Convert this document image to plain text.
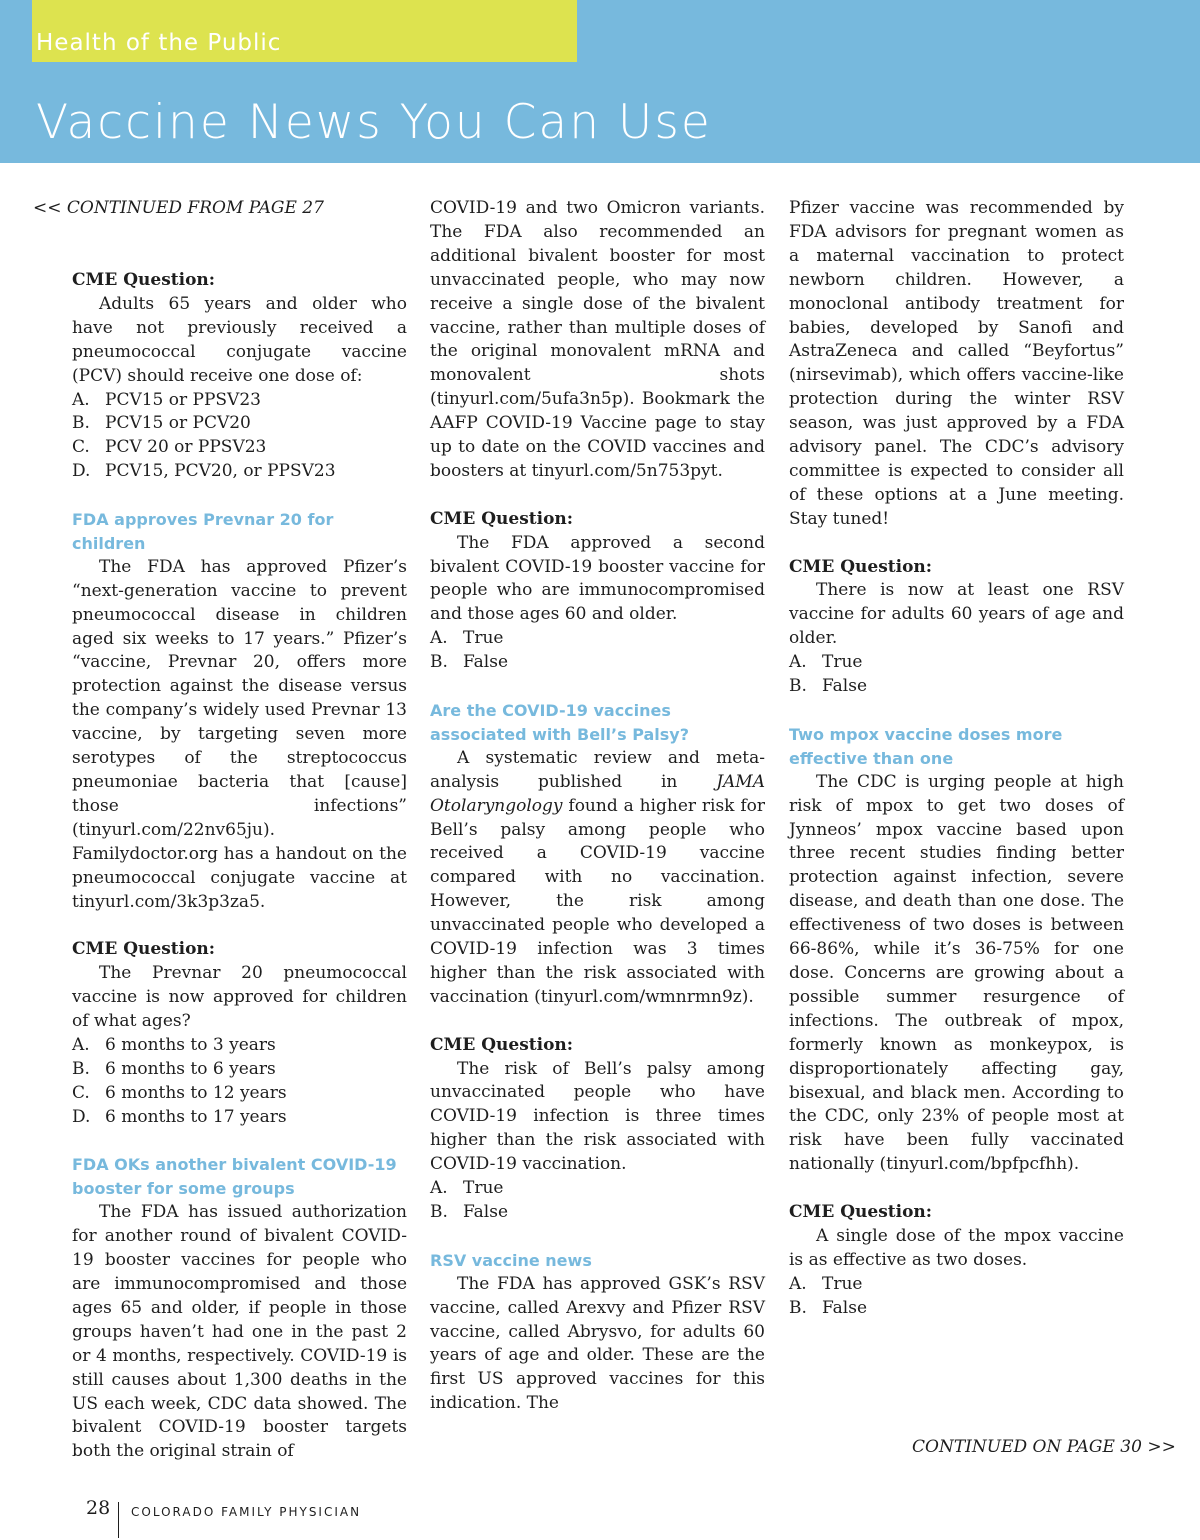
Health of the Public
Vaccine News You Can Use
<< CONTINUED FROM PAGE 27
CME Question:

Adults 65 years and older who have not previously received a pneumococcal conjugate vaccine (PCV) should receive one dose of:

A. PCV15 or PPSV23
B. PCV15 or PCV20
C. PCV 20 or PPSV23
D. PCV15, PCV20, or PPSV23
FDA approves Prevnar 20 for children

The FDA has approved Pfizer’s “next-generation vaccine to prevent pneumococcal disease in children aged six weeks to 17 years.” Pfizer’s “vaccine, Prevnar 20, offers more protection against the disease versus the company’s widely used Prevnar 13 vaccine, by targeting seven more serotypes of the streptococcus pneumoniae bacteria that [cause] those infections” (tinyurl.com/22nv65ju). Familydoctor.org has a handout on the pneumococcal conjugate vaccine at tinyurl.com/3k3p3za5.

CME Question:

The Prevnar 20 pneumococcal vaccine is now approved for children of what ages?

A. 6 months to 3 years
B. 6 months to 6 years
C. 6 months to 12 years
D. 6 months to 17 years
FDA OKs another bivalent COVID-19 booster for some groups

The FDA has issued authorization for another round of bivalent COVID-19 booster vaccines for people who are immunocompromised and those ages 65 and older, if people in those groups haven’t had one in the past 2 or 4 months, respectively. COVID-19 is still causes about 1,300 deaths in the US each week, CDC data showed. The bivalent COVID-19 booster targets both the original strain of

COVID-19 and two Omicron variants. The FDA also recommended an additional bivalent booster for most unvaccinated people, who may now receive a single dose of the bivalent vaccine, rather than multiple doses of the original monovalent mRNA and monovalent shots (tinyurl.com/5ufa3n5p). Bookmark the AAFP COVID-19 Vaccine page to stay up to date on the COVID vaccines and boosters at tinyurl.com/5n753pyt.

CME Question:

The FDA approved a second bivalent COVID-19 booster vaccine for people who are immunocompromised and those ages 60 and older.

A. True
B. False
Are the COVID-19 vaccines associated with Bell’s Palsy?

A systematic review and meta-analysis published in JAMA Otolaryngology found a higher risk for Bell’s palsy among people who received a COVID-19 vaccine compared with no vaccination. However, the risk among unvaccinated people who developed a COVID-19 infection was 3 times higher than the risk associated with vaccination (tinyurl.com/wmnrmn9z).

CME Question:

The risk of Bell’s palsy among unvaccinated people who have COVID-19 infection is three times higher than the risk associated with COVID-19 vaccination.

A. True
B. False
RSV vaccine news

The FDA has approved GSK’s RSV vaccine, called Arexvy and Pfizer RSV vaccine, called Abrysvo, for adults 60 years of age and older. These are the first US approved vaccines for this indication. The

Pfizer vaccine was recommended by FDA advisors for pregnant women as a maternal vaccination to protect newborn children. However, a monoclonal antibody treatment for babies, developed by Sanofi and AstraZeneca and called “Beyfortus” (nirsevimab), which offers vaccine-like protection during the winter RSV season, was just approved by a FDA advisory panel. The CDC’s advisory committee is expected to consider all of these options at a June meeting. Stay tuned!

CME Question:

There is now at least one RSV vaccine for adults 60 years of age and older.

A. True
B. False
Two mpox vaccine doses more effective than one

The CDC is urging people at high risk of mpox to get two doses of Jynneos’ mpox vaccine based upon three recent studies finding better protection against infection, severe disease, and death than one dose. The effectiveness of two doses is between 66-86%, while it’s 36-75% for one dose. Concerns are growing about a possible summer resurgence of infections. The outbreak of mpox, formerly known as monkeypox, is disproportionately affecting gay, bisexual, and black men. According to the CDC, only 23% of people most at risk have been fully vaccinated nationally (tinyurl.com/bpfpcfhh).

CME Question:

A single dose of the mpox vaccine is as effective as two doses.

A. True
B. False
CONTINUED ON PAGE 30 >>
28 COLORADO FAMILY PHYSICIAN
